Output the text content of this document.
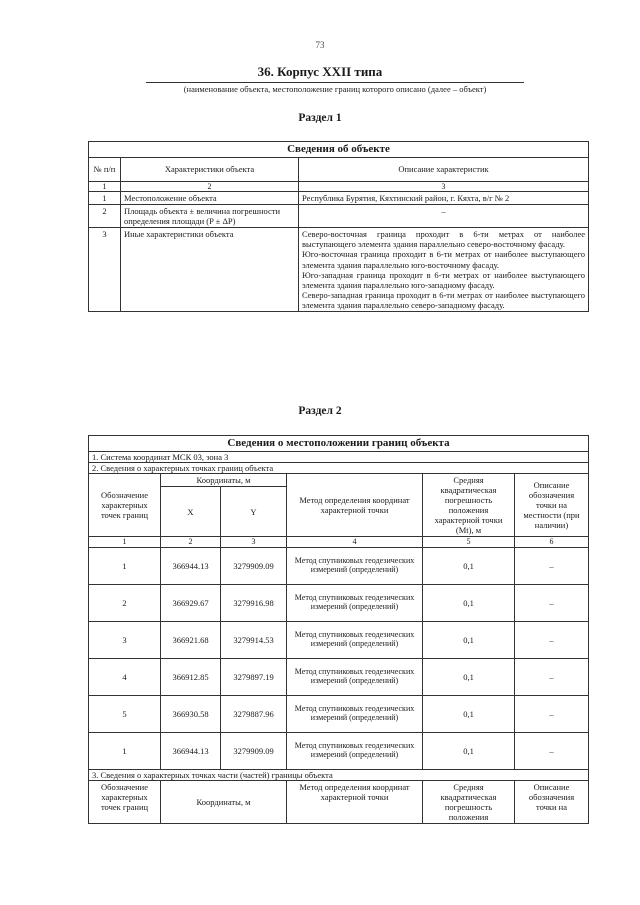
73
36. Корпус XXII типа
(наименование объекта, местоположение границ которого описано (далее – объект)
Раздел 1
Сведения об объекте		
№ п/п	Характеристики объекта	Описание характеристик
1	2	3
1	Местоположение объекта	Республика Бурятия, Кяхтинский район, г. Кяхта, в/г № 2
2	Площадь объекта ± величина погрешности определения площади (P ± ΔP)	–
3	Иные характеристики объекта	Северо-восточная граница проходит в 6-ти метрах от наиболее выступающего элемента здания параллельно северо-восточному фасаду.
Юго-восточная граница проходит в 6-ти метрах от наиболее выступающего элемента здания параллельно юго-восточному фасаду.
Юго-западная граница проходит в 6-ти метрах от наиболее выступающего элемента здания параллельно юго-западному фасаду.
Северо-западная граница проходит в 6-ти метрах от наиболее выступающего элемента здания параллельно северо-западному фасаду.
Раздел 2
Сведения о местоположении границ объекта					
1. Система координат МСК 03, зона 3					
2. Сведения о характерных точках границ объекта					
Обозначение характерных точек границ	Координаты, м		Метод определения координат характерной точки	Средняя квадратическая погрешность положения характерной точки (Mt), м	Описание обозначения точки на местности (при наличии)
	X	Y			
1	2	3	4	5	6
1	366944.13	3279909.09	Метод спутниковых геодезических измерений (определений)	0,1	–
2	366929.67	3279916.98	Метод спутниковых геодезических измерений (определений)	0,1	–
3	366921.68	3279914.53	Метод спутниковых геодезических измерений (определений)	0,1	–
4	366912.85	3279897.19	Метод спутниковых геодезических измерений (определений)	0,1	–
5	366930.58	3279887.96	Метод спутниковых геодезических измерений (определений)	0,1	–
1	366944.13	3279909.09	Метод спутниковых геодезических измерений (определений)	0,1	–
3. Сведения о характерных точках части (частей) границы объекта					
Обозначение характерных точек границ	Координаты, м		Метод определения координат характерной точки	Средняя квадратическая погрешность положения	Описание обозначения точки на
